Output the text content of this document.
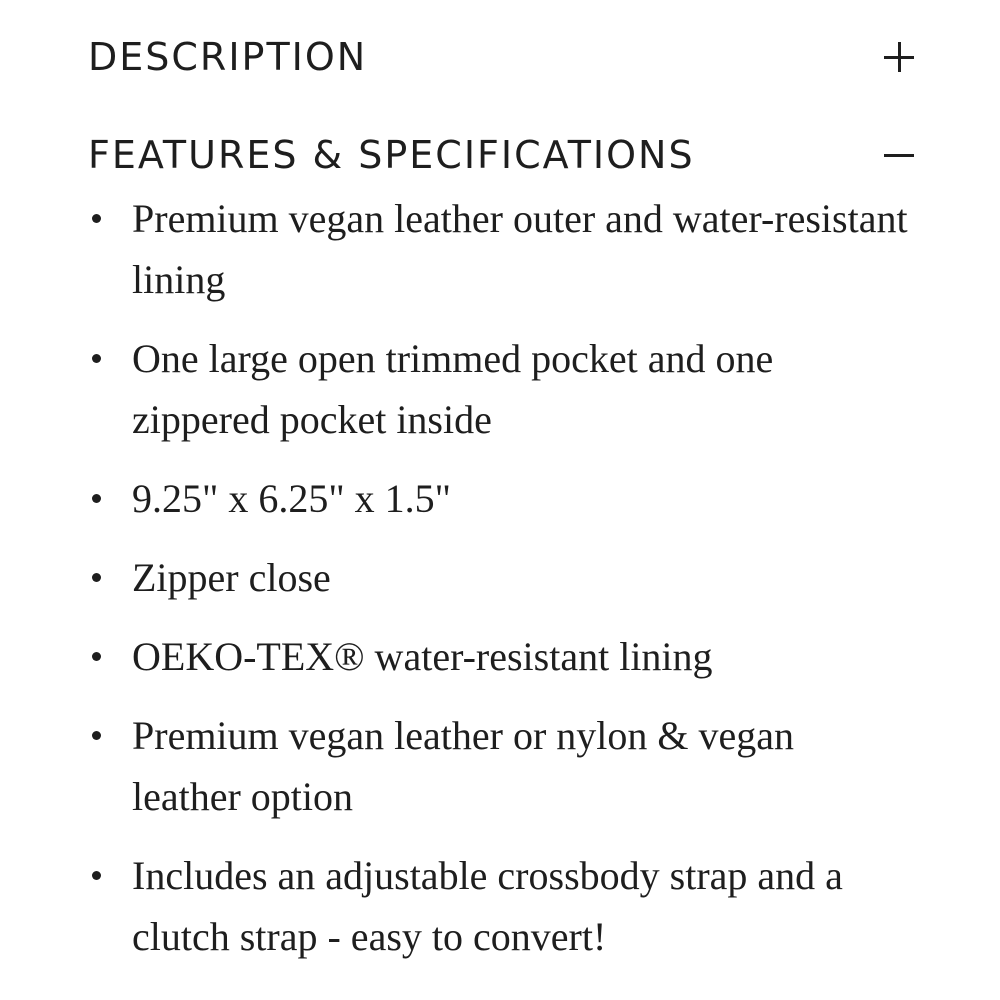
DESCRIPTION
FEATURES & SPECIFICATIONS
Premium vegan leather outer and water-resistant lining
One large open trimmed pocket and one zippered pocket inside
9.25" x 6.25" x 1.5"
Zipper close
OEKO-TEX® water-resistant lining
Premium vegan leather or nylon & vegan leather option
Includes an adjustable crossbody strap and a clutch strap - easy to convert!
